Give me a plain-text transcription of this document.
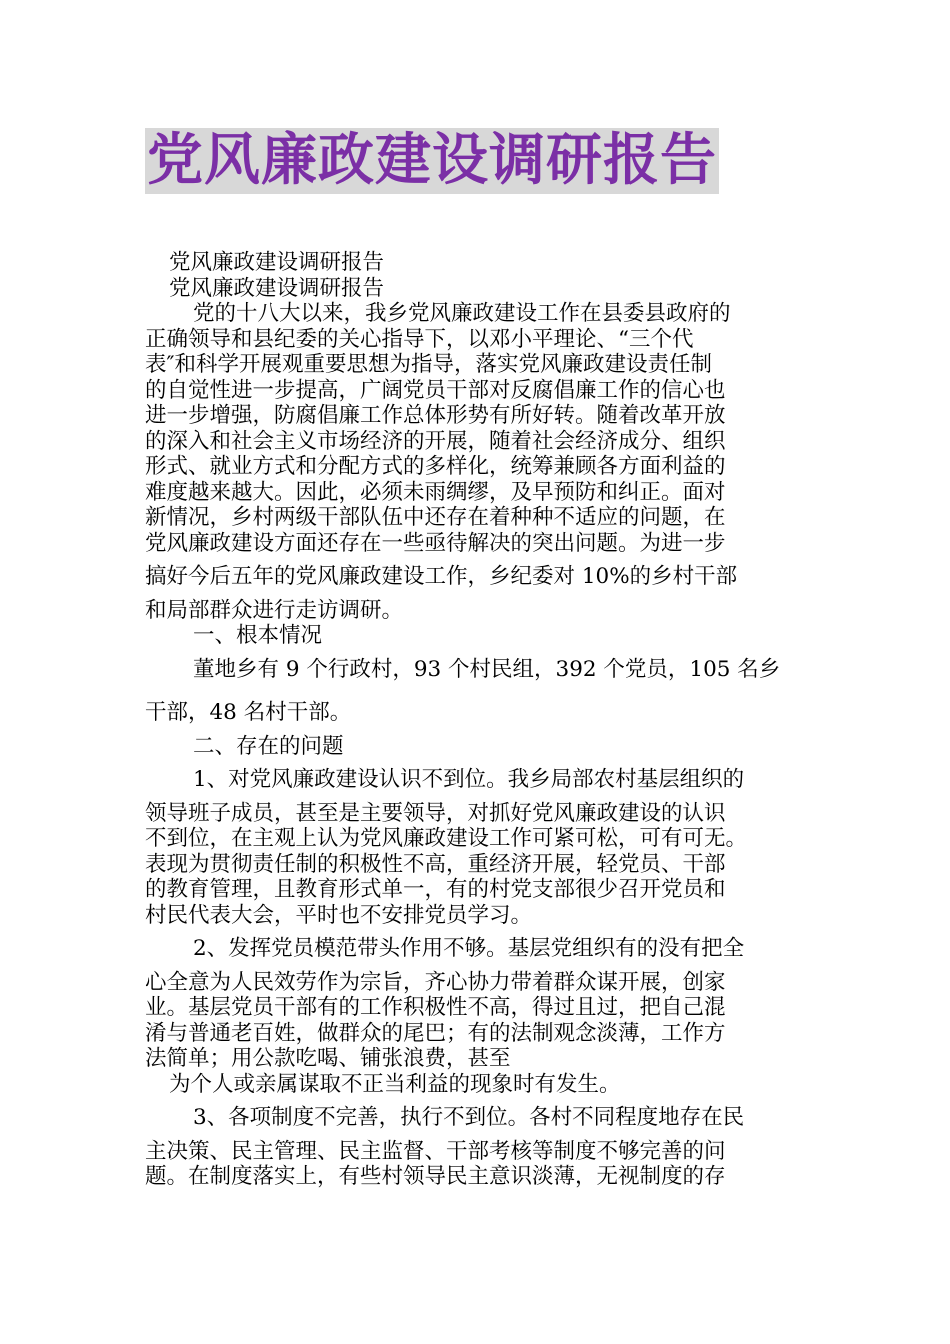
党风廉政建设调研报告

党风廉政建设调研报告

党风廉政建设调研报告

党的十八大以来，我乡党风廉政建设工作在县委县政府的

正确领导和县纪委的关心指导下，以邓小平理论、“三个代

表″和科学开展观重要思想为指导，落实党风廉政建设责任制

的自觉性进一步提高，广阔党员干部对反腐倡廉工作的信心也

进一步增强，防腐倡廉工作总体形势有所好转。随着改革开放

的深入和社会主义市场经济的开展，随着社会经济成分、组织

形式、就业方式和分配方式的多样化，统筹兼顾各方面利益的

难度越来越大。因此，必须未雨绸缪，及早预防和纠正。面对

新情况，乡村两级干部队伍中还存在着种种不适应的问题，在

党风廉政建设方面还存在一些亟待解决的突出问题。为进一步

搞好今后五年的党风廉政建设工作，乡纪委对 10%的乡村干部

和局部群众进行走访调研。

一、根本情况

董地乡有 9 个行政村，93 个村民组，392 个党员，105 名乡

干部，48 名村干部。

二、存在的问题

1、对党风廉政建设认识不到位。我乡局部农村基层组织的

领导班子成员，甚至是主要领导，对抓好党风廉政建设的认识

不到位，在主观上认为党风廉政建设工作可紧可松，可有可无。

表现为贯彻责任制的积极性不高，重经济开展，轻党员、干部

的教育管理，且教育形式单一，有的村党支部很少召开党员和

村民代表大会，平时也不安排党员学习。

2、发挥党员模范带头作用不够。基层党组织有的没有把全

心全意为人民效劳作为宗旨，齐心协力带着群众谋开展，创家

业。基层党员干部有的工作积极性不高，得过且过，把自己混

淆与普通老百姓，做群众的尾巴；有的法制观念淡薄，工作方

法简单；用公款吃喝、铺张浪费，甚至

为个人或亲属谋取不正当利益的现象时有发生。

3、各项制度不完善，执行不到位。各村不同程度地存在民

主决策、民主管理、民主监督、干部考核等制度不够完善的问

题。在制度落实上，有些村领导民主意识淡薄，无视制度的存
